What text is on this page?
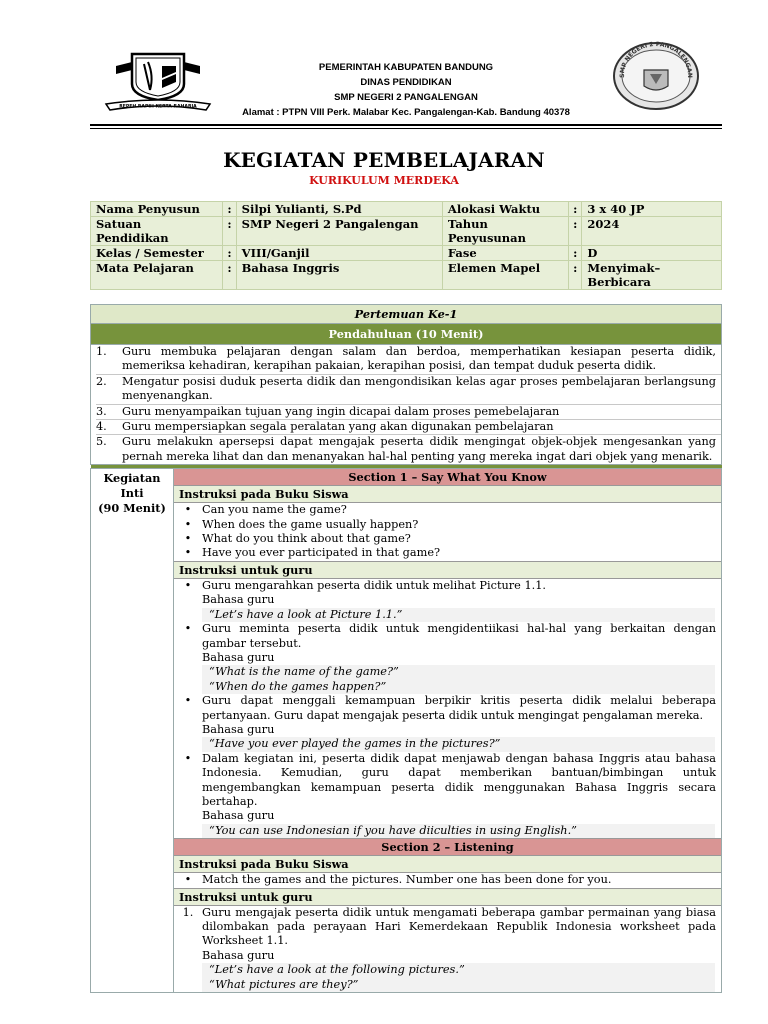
REPEH RAPIH KERTA RAHARJA
PEMERINTAH KABUPATEN BANDUNG
DINAS PENDIDIKAN
SMP NEGERI 2 PANGALENGAN
Alamat : PTPN VIII Perk. Malabar Kec. Pangalengan-Kab. Bandung 40378
SMP NEGERI 2 PANGALENGAN
KEGIATAN PEMBELAJARAN
KURIKULUM MERDEKA
Nama Penyusun	:	Silpi Yulianti, S.Pd	Alokasi Waktu	:	3 x 40 JP
Satuan Pendidikan	:	SMP Negeri 2 Pangalengan	Tahun Penyusunan	:	2024
Kelas / Semester	:	VIII/Ganjil	Fase	:	D
Mata Pelajaran	:	Bahasa Inggris	Elemen Mapel	:	Menyimak–Berbicara
Pertemuan Ke-1
Pendahuluan (10 Menit)

1.	Guru membuka pelajaran dengan salam dan berdoa, memperhatikan kesiapan peserta didik, memeriksa kehadiran, kerapihan pakaian, kerapihan posisi, dan tempat duduk peserta didik.
2.	Mengatur posisi duduk peserta didik dan mengondisikan kelas agar proses pembelajaran berlangsung menyenangkan.
3.	Guru menyampaikan tujuan yang ingin dicapai dalam proses pemebelajaran
4.	Guru mempersiapkan segala peralatan yang akan digunakan pembelajaran
5.	Guru melakukn apersepsi dapat mengajak peserta didik mengingat objek-objek mengesankan yang pernah mereka lihat dan dan menanyakan hal-hal penting yang mereka ingat dari objek yang menarik.

Kegiatan
Inti
(90 Menit)

Section 1 – Say What You Know
Instruksi pada Buku Siswa
• Can you name the game?
• When does the game usually happen?
• What do you think about that game?
• Have you ever participated in that game?
Instruksi untuk guru
• Guru mengarahkan peserta didik untuk melihat Picture 1.1.
Bahasa guru
“Let’s have a look at Picture 1.1.”
• Guru meminta peserta didik untuk mengidentiikasi hal-hal yang berkaitan dengan gambar tersebut.
Bahasa guru
“What is the name of the game?”
“When do the games happen?”
• Guru dapat menggali kemampuan berpikir kritis peserta didik melalui beberapa pertanyaan. Guru dapat mengajak peserta didik untuk mengingat pengalaman mereka.
Bahasa guru
“Have you ever played the games in the pictures?”
• Dalam kegiatan ini, peserta didik dapat menjawab dengan bahasa Inggris atau bahasa Indonesia. Kemudian, guru dapat memberikan bantuan/bimbingan untuk mengembangkan kemampuan peserta didik menggunakan Bahasa Inggris secara bertahap.
Bahasa guru
“You can use Indonesian if you have diiculties in using English.”
Section 2 – Listening
Instruksi pada Buku Siswa
• Match the games and the pictures. Number one has been done for you.
Instruksi untuk guru
1. Guru mengajak peserta didik untuk mengamati beberapa gambar permainan yang biasa dilombakan pada perayaan Hari Kemerdekaan Republik Indonesia worksheet pada Worksheet 1.1.
Bahasa guru
“Let’s have a look at the following pictures.”
“What pictures are they?”
